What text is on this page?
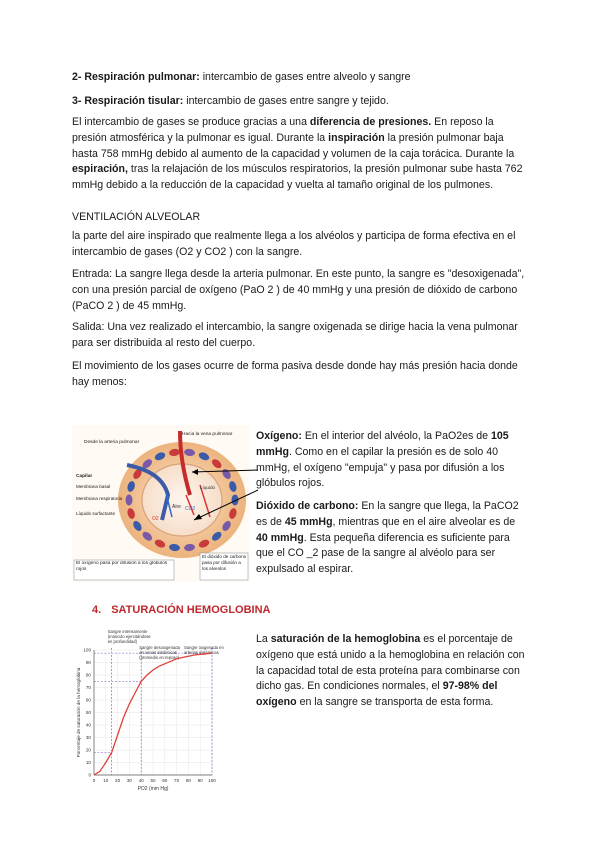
2- Respiración pulmonar: intercambio de gases entre alveolo y sangre

3- Respiración tisular: intercambio de gases entre sangre y tejido.

El intercambio de gases se produce gracias a una diferencia de presiones. En reposo la presión atmosférica y la pulmonar es igual. Durante la inspiración la presión pulmonar baja hasta 758 mmHg debido al aumento de la capacidad y volumen de la caja torácica. Durante la espiración, tras la relajación de los músculos respiratorios, la presión pulmonar sube hasta 762 mmHg debido a la reducción de la capacidad y vuelta al tamaño original de los pulmones.

VENTILACIÓN ALVEOLAR

la parte del aire inspirado que realmente llega a los alvéolos y participa de forma efectiva en el intercambio de gases (O2 y CO2 ) con la sangre.

Entrada: La sangre llega desde la arteria pulmonar. En este punto, la sangre es "desoxigenada", con una presión parcial de oxígeno (PaO 2 ) de 40 mmHg y una presión de dióxido de carbono (PaCO 2 ) de 45 mmHg.

Salida: Una vez realizado el intercambio, la sangre oxigenada se dirige hacia la vena pulmonar para ser distribuida al resto del cuerpo.

El movimiento de los gases ocurre de forma pasiva desde donde hay más presión hacia donde hay menos:

Desde la arteria pulmonar
Hacia la vena pulmonar
Capilar
Membrana basal
Membrana respiratoria
Líquido surfactante
Líquido
Aire
O2
CO2
El oxígeno pasa por difusión a los glóbulos rojos
El dióxido de carbono pasa por difusión a los alveolos

Oxígeno: En el interior del alvéolo, la PaO2es de 105 mmHg. Como en el capilar la presión es de solo 40 mmHg, el oxígeno "empuja" y pasa por difusión a los glóbulos rojos.

Dióxido de carbono: En la sangre que llega, la PaCO2 es de 45 mmHg, mientras que en el aire alveolar es de 40 mmHg. Esta pequeña diferencia es suficiente para que el CO _2 pase de la sangre al alvéolo para ser expulsado al espirar.

4. SATURACIÓN HEMOGLOBINA
0
10
20
30
40
50
60
70
80
90
100
0 10 20 30 40 50 60 70 80 90 100
Sangre intensamente (músculo ejercitándose en profundidad)
Sangre desoxigenada en venas sistémicas (promedio en reposo)
Sangre oxigenada en arterias sistémicas
PO2 (mm Hg)
Porcentaje de saturación de la hemoglobina

La saturación de la hemoglobina es el porcentaje de oxígeno que está unido a la hemoglobina en relación con la capacidad total de esta proteína para combinarse con dicho gas. En condiciones normales, el 97-98% del oxígeno en la sangre se transporta de esta forma.
